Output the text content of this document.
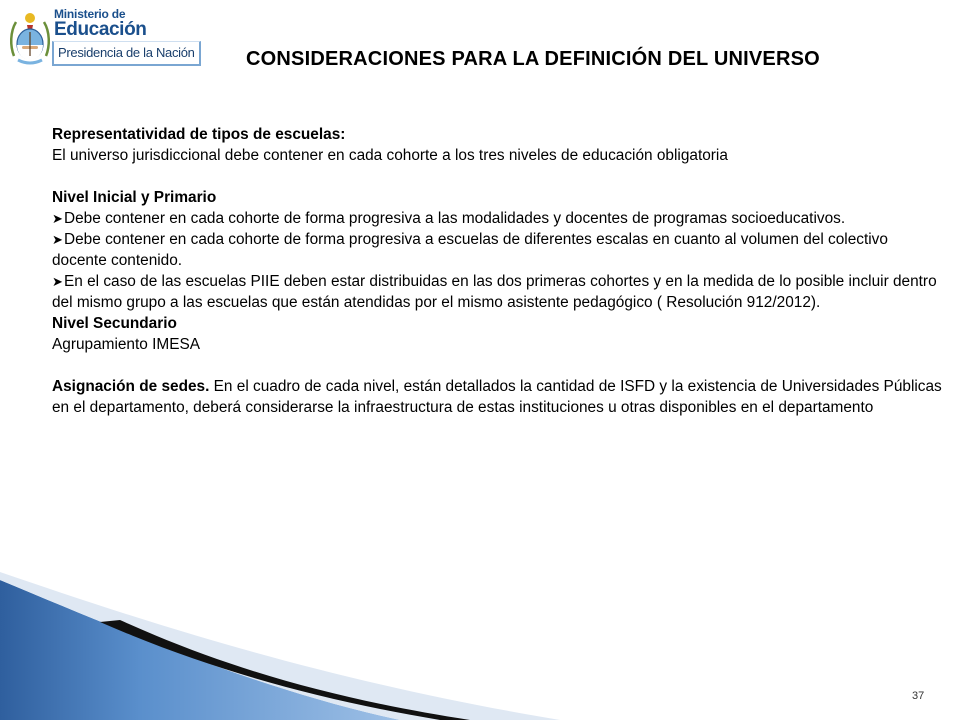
Ministerio de
Educación
Presidencia de la Nación	CONSIDERACIONES PARA LA DEFINICIÓN DEL UNIVERSO

Representatividad de tipos de escuelas:

El universo jurisdiccional debe contener en cada cohorte a los tres niveles de educación obligatoria

Nivel Inicial y Primario

➤Debe contener en cada cohorte de forma progresiva a las modalidades y docentes de programas socioeducativos.

➤Debe contener en cada cohorte de forma progresiva a escuelas de diferentes escalas en cuanto al volumen del colectivo docente contenido.

➤En el caso de las escuelas PIIE deben estar distribuidas en las dos primeras cohortes y en la medida de lo posible incluir dentro del mismo grupo a las escuelas que están atendidas por el mismo asistente pedagógico ( Resolución 912/2012).

Nivel Secundario

Agrupamiento IMESA

Asignación de sedes. En el cuadro de cada nivel, están detallados la cantidad de ISFD y la existencia de Universidades Públicas en el departamento, deberá considerarse la infraestructura de estas instituciones u otras disponibles en el departamento

37
